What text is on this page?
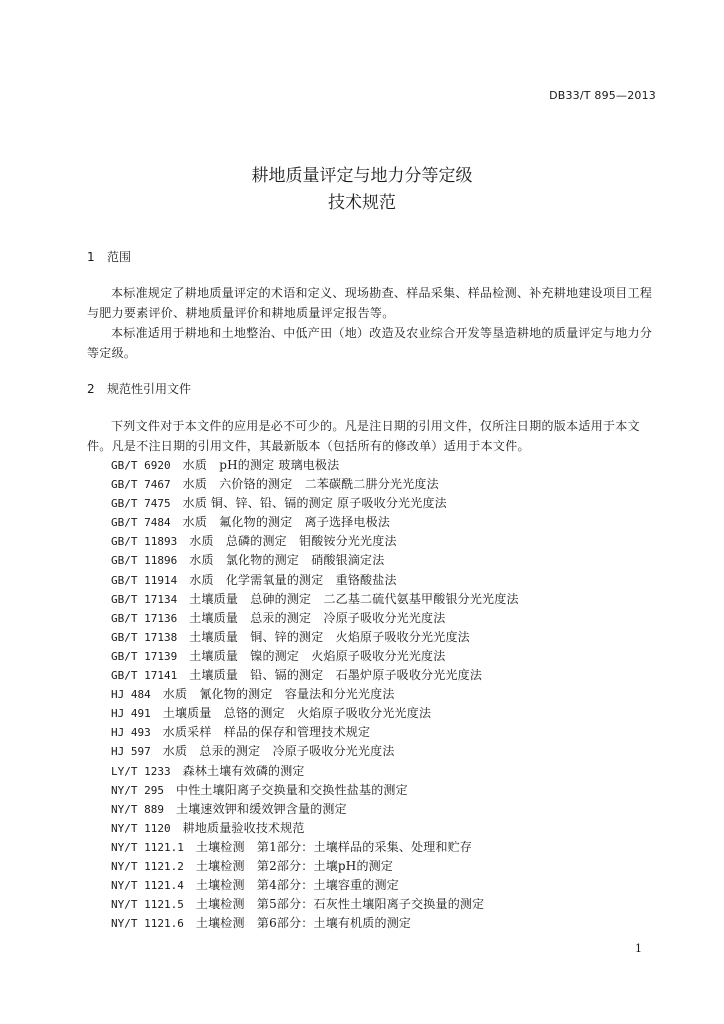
DB33/T 895—2013
耕地质量评定与地力分等定级
技术规范
1 范围

本标准规定了耕地质量评定的术语和定义、现场勘查、样品采集、样品检测、补充耕地建设项目工程与肥力要素评价、耕地质量评价和耕地质量评定报告等。

本标准适用于耕地和土地整治、中低产田（地）改造及农业综合开发等垦造耕地的质量评定与地力分等定级。

2 规范性引用文件

下列文件对于本文件的应用是必不可少的。凡是注日期的引用文件，仅所注日期的版本适用于本文件。凡是不注日期的引用文件，其最新版本（包括所有的修改单）适用于本文件。

GB/T 6920　 水质　pH的测定 玻璃电极法
GB/T 7467　 水质　六价铬的测定　二苯碳酰二肼分光光度法
GB/T 7475　 水质 铜、锌、铅、镉的测定 原子吸收分光光度法
GB/T 7484　 水质　氟化物的测定　离子选择电极法
GB/T 11893　 水质　总磷的测定　钼酸铵分光光度法
GB/T 11896　 水质　氯化物的测定　硝酸银滴定法
GB/T 11914　 水质　化学需氧量的测定　重铬酸盐法
GB/T 17134　 土壤质量　总砷的测定　二乙基二硫代氨基甲酸银分光光度法
GB/T 17136　 土壤质量　总汞的测定　冷原子吸收分光光度法
GB/T 17138　 土壤质量　铜、锌的测定　火焰原子吸收分光光度法
GB/T 17139　 土壤质量　镍的测定　火焰原子吸收分光光度法
GB/T 17141　 土壤质量　铅、镉的测定　石墨炉原子吸收分光光度法
HJ 484　 水质　氰化物的测定　容量法和分光光度法
HJ 491　 土壤质量　总铬的测定　火焰原子吸收分光光度法
HJ 493　 水质采样　样品的保存和管理技术规定
HJ 597　 水质　总汞的测定　冷原子吸收分光光度法
LY/T 1233　 森林土壤有效磷的测定
NY/T 295　 中性土壤阳离子交换量和交换性盐基的测定
NY/T 889　 土壤速效钾和缓效钾含量的测定
NY/T 1120　 耕地质量验收技术规范
NY/T 1121.1　 土壤检测　第1部分：土壤样品的采集、处理和贮存
NY/T 1121.2　 土壤检测　第2部分：土壤pH的测定
NY/T 1121.4　 土壤检测　第4部分：土壤容重的测定
NY/T 1121.5　 土壤检测　第5部分：石灰性土壤阳离子交换量的测定
NY/T 1121.6　 土壤检测　第6部分：土壤有机质的测定
1
